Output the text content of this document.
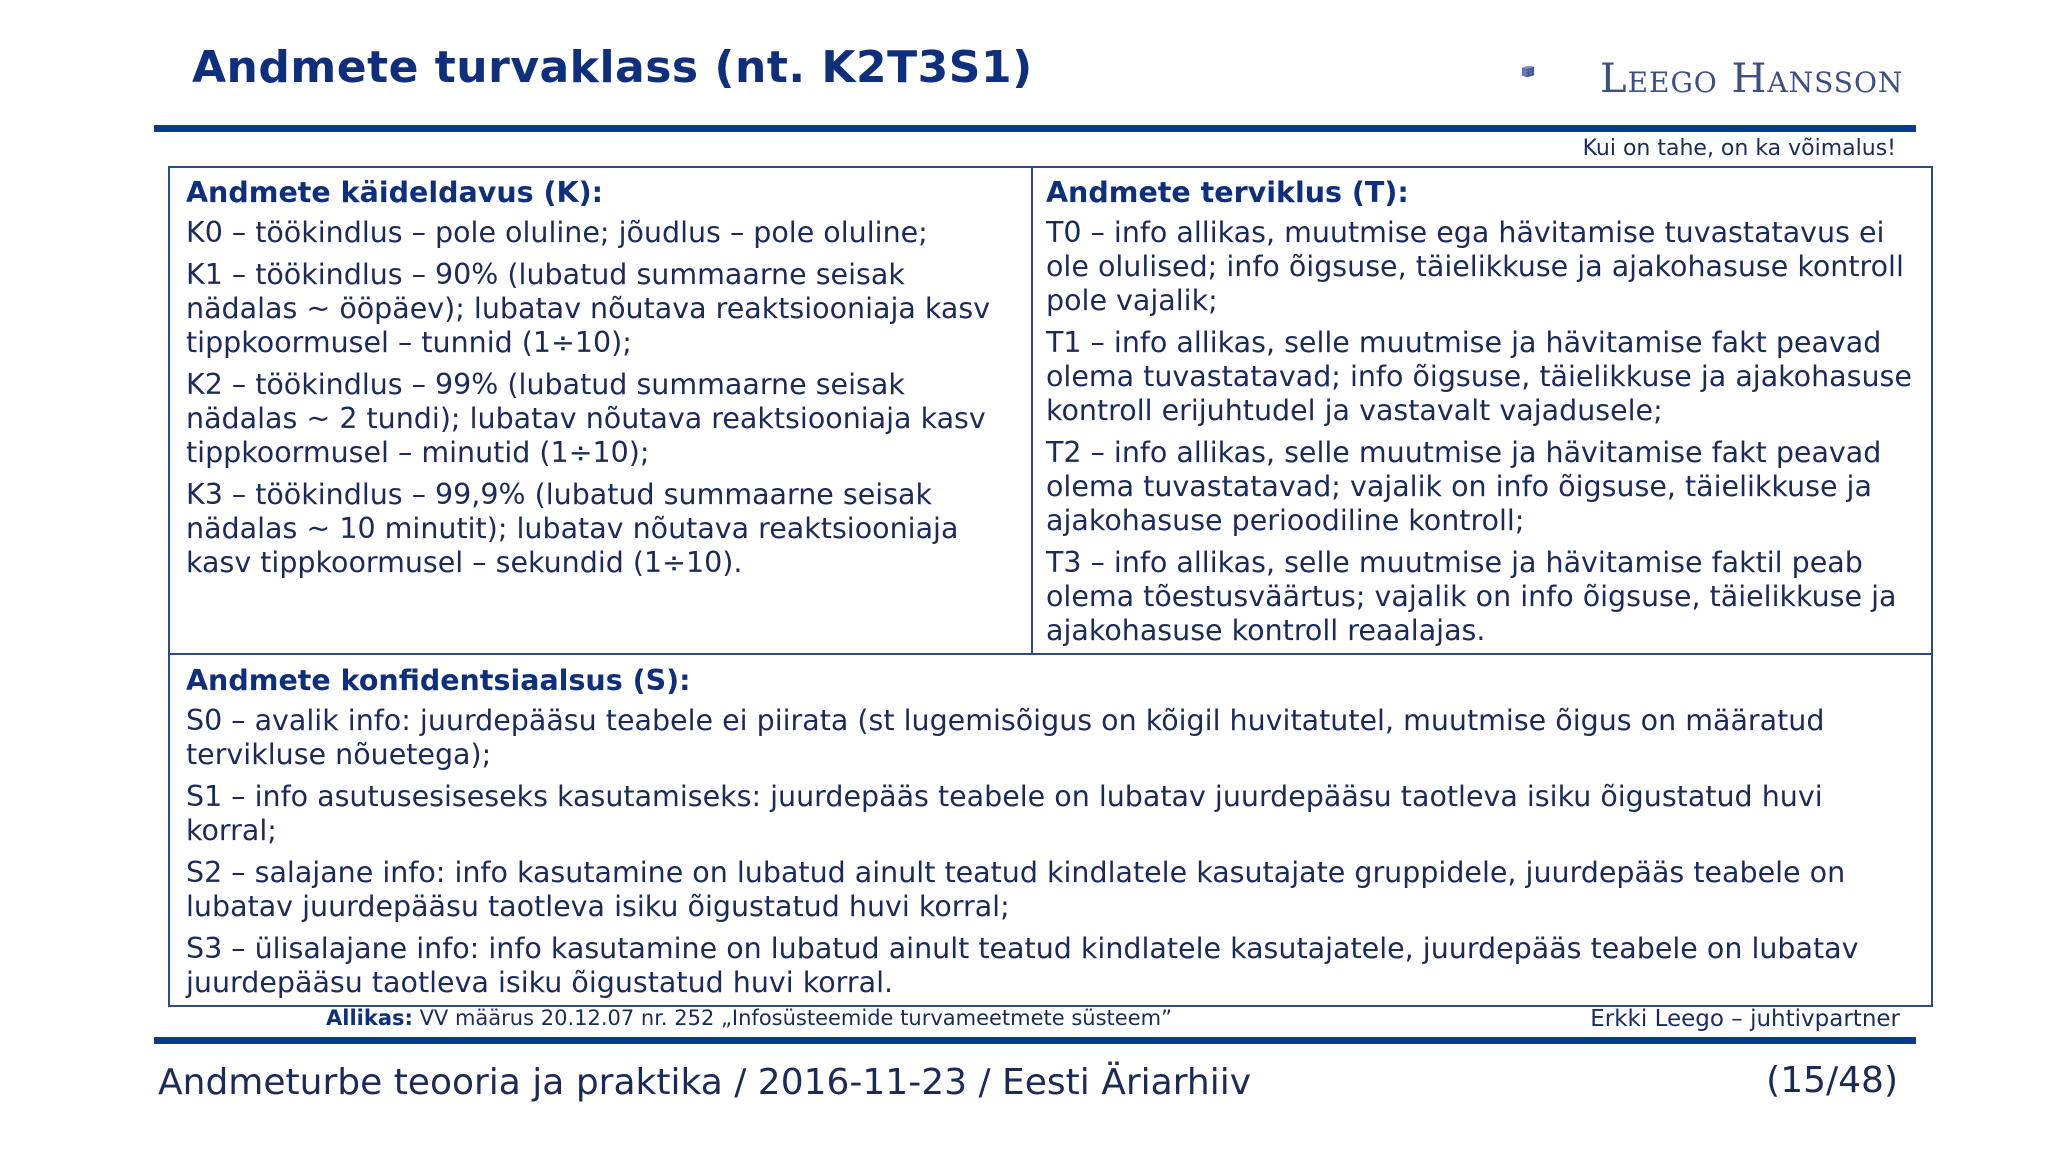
Andmete turvaklass (nt. K2T3S1)	Leego Hansson
Kui on tahe, on ka võimalus!
Andmete käideldavus (K):

K0 – töökindlus – pole oluline; jõudlus – pole oluline;

K1 – töökindlus – 90% (lubatud summaarne seisak nädalas ~ ööpäev); lubatav nõutava reaktsiooniaja kasv tippkoormusel – tunnid (1÷10);

K2 – töökindlus – 99% (lubatud summaarne seisak nädalas ~ 2 tundi); lubatav nõutava reaktsiooniaja kasv tippkoormusel – minutid (1÷10);

K3 – töökindlus – 99,9% (lubatud summaarne seisak nädalas ~ 10 minutit); lubatav nõutava reaktsiooniaja kasv tippkoormusel – sekundid (1÷10).

Andmete terviklus (T):

T0 – info allikas, muutmise ega hävitamise tuvastatavus ei ole olulised; info õigsuse, täielikkuse ja ajakohasuse kontroll pole vajalik;

T1 – info allikas, selle muutmise ja hävitamise fakt peavad olema tuvastatavad; info õigsuse, täielikkuse ja ajakohasuse kontroll erijuhtudel ja vastavalt vajadusele;

T2 – info allikas, selle muutmise ja hävitamise fakt peavad olema tuvastatavad; vajalik on info õigsuse, täielikkuse ja ajakohasuse perioodiline kontroll;

T3 – info allikas, selle muutmise ja hävitamise faktil peab olema tõestusväärtus; vajalik on info õigsuse, täielikkuse ja ajakohasuse kontroll reaalajas.

Andmete konfidentsiaalsus (S):

S0 – avalik info: juurdepääsu teabele ei piirata (st lugemisõigus on kõigil huvitatutel, muutmise õigus on määratud tervikluse nõuetega);

S1 – info asutusesiseseks kasutamiseks: juurdepääs teabele on lubatav juurdepääsu taotleva isiku õigustatud huvi korral;

S2 – salajane info: info kasutamine on lubatud ainult teatud kindlatele kasutajate gruppidele, juurdepääs teabele on lubatav juurdepääsu taotleva isiku õigustatud huvi korral;

S3 – ülisalajane info: info kasutamine on lubatud ainult teatud kindlatele kasutajatele, juurdepääs teabele on lubatav juurdepääsu taotleva isiku õigustatud huvi korral.

Allikas: VV määrus 20.12.07 nr. 252 „Infosüsteemide turvameetmete süsteem”	Erkki Leego – juhtivpartner
Andmeturbe teooria ja praktika / 2016-11-23 / Eesti Äriarhiiv	(15/48)
